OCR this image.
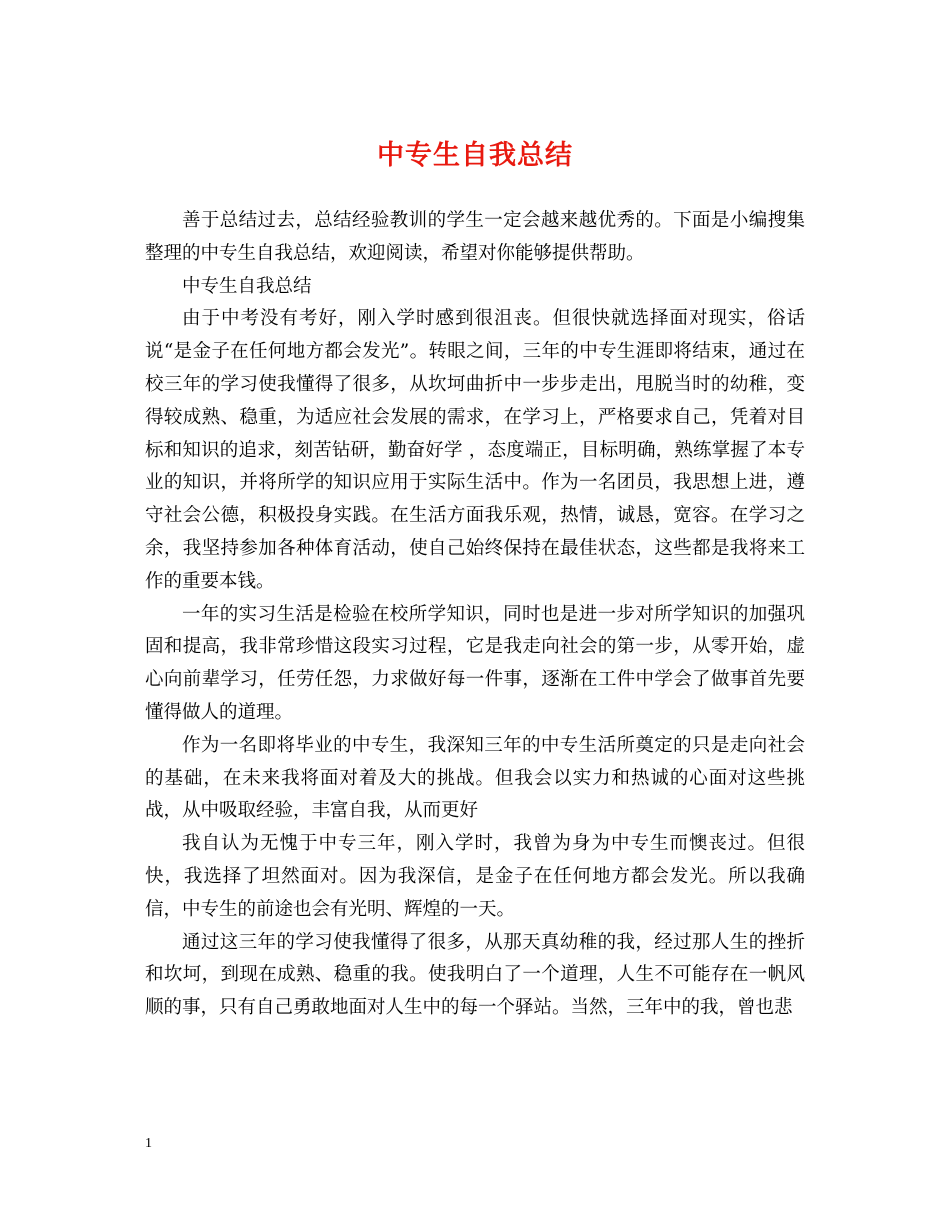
中专生自我总结

善于总结过去，总结经验教训的学生一定会越来越优秀的。下面是小编搜集整理的中专生自我总结，欢迎阅读，希望对你能够提供帮助。

中专生自我总结

由于中考没有考好，刚入学时感到很沮丧。但很快就选择面对现实，俗话说“是金子在任何地方都会发光”。转眼之间，三年的中专生涯即将结束，通过在校三年的学习使我懂得了很多，从坎坷曲折中一步步走出，甩脱当时的幼稚，变得较成熟、稳重，为适应社会发展的需求，在学习上，严格要求自己，凭着对目标和知识的追求，刻苦钻研，勤奋好学 ，态度端正，目标明确，熟练掌握了本专业的知识，并将所学的知识应用于实际生活中。作为一名团员，我思想上进，遵守社会公德，积极投身实践。在生活方面我乐观，热情，诚恳，宽容。在学习之余，我坚持参加各种体育活动，使自己始终保持在最佳状态，这些都是我将来工作的重要本钱。

一年的实习生活是检验在校所学知识，同时也是进一步对所学知识的加强巩固和提高，我非常珍惜这段实习过程，它是我走向社会的第一步，从零开始，虚心向前辈学习，任劳任怨，力求做好每一件事，逐渐在工件中学会了做事首先要懂得做人的道理。

作为一名即将毕业的中专生，我深知三年的中专生活所奠定的只是走向社会的基础，在未来我将面对着及大的挑战。但我会以实力和热诚的心面对这些挑战，从中吸取经验，丰富自我，从而更好

我自认为无愧于中专三年，刚入学时，我曾为身为中专生而懊丧过。但很快，我选择了坦然面对。因为我深信，是金子在任何地方都会发光。所以我确信，中专生的前途也会有光明、辉煌的一天。

通过这三年的学习使我懂得了很多，从那天真幼稚的我，经过那人生的挫折和坎坷，到现在成熟、稳重的我。使我明白了一个道理，人生不可能存在一帆风顺的事，只有自己勇敢地面对人生中的每一个驿站。当然，三年中的我，曾也悲

1
